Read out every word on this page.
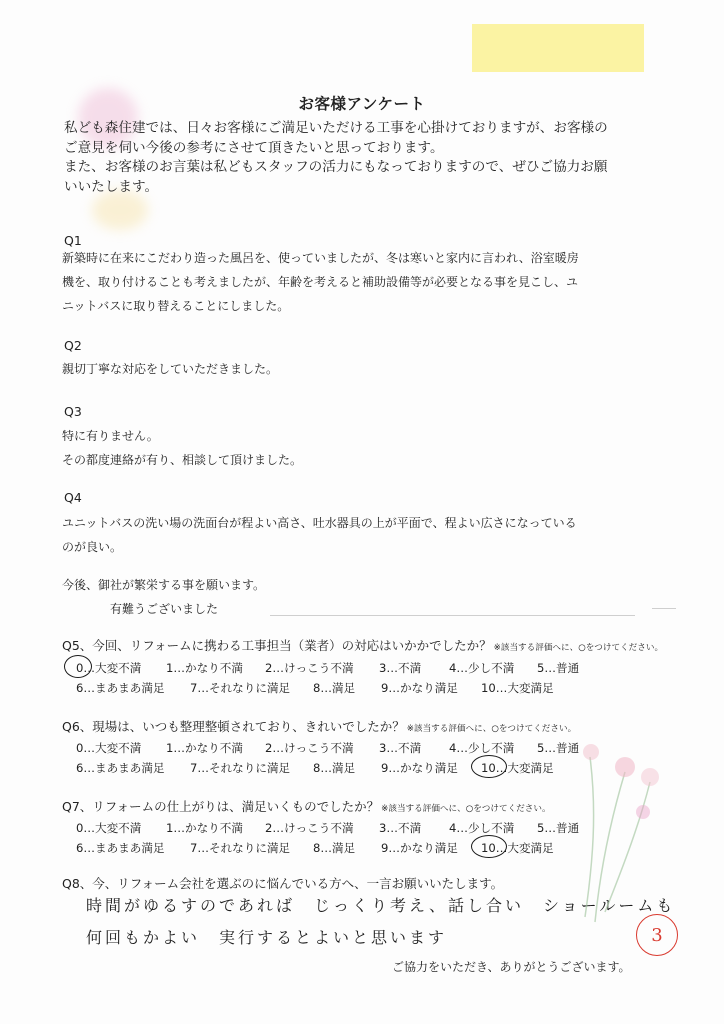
お客様アンケート

私ども森住建では、日々お客様にご満足いただける工事を心掛けておりますが、お客様の

ご意見を伺い今後の参考にさせて頂きたいと思っております。

また、お客様のお言葉は私どもスタッフの活力にもなっておりますので、ぜひご協力お願

いいたします。

Q1

新築時に在来にこだわり造った風呂を、使っていましたが、冬は寒いと家内に言われ、浴室暖房

機を、取り付けることも考えましたが、年齢を考えると補助設備等が必要となる事を見こし、ユ

ニットバスに取り替えることにしました。

Q2

親切丁寧な対応をしていただきました。

Q3

特に有りません。

その都度連絡が有り、相談して頂けました。

Q4

ユニットバスの洗い場の洗面台が程よい高さ、吐水器具の上が平面で、程よい広さになっている

のが良い。

今後、御社が繁栄する事を願います。

　　　　有難うございました

Q5、今回、リフォームに携わる工事担当（業者）の対応はいかかでしたか？ ※該当する評価へに、○をつけてください。
0…大変不満 1…かなり不満 2…けっこう不満 3…不満 4…少し不満 5…普通
6…まあまあ満足 7…それなりに満足 8…満足 9…かなり満足 10…大変満足
Q6、現場は、いつも整理整頓されており、きれいでしたか？ ※該当する評価へに、○をつけてください。
0…大変不満 1…かなり不満 2…けっこう不満 3…不満 4…少し不満 5…普通
6…まあまあ満足 7…それなりに満足 8…満足 9…かなり満足 10…大変満足
Q7、リフォームの仕上がりは、満足いくものでしたか？ ※該当する評価へに、○をつけてください。
0…大変不満 1…かなり不満 2…けっこう不満 3…不満 4…少し不満 5…普通
6…まあまあ満足 7…それなりに満足 8…満足 9…かなり満足 10…大変満足
Q8、今、リフォーム会社を選ぶのに悩んでいる方へ、一言お願いいたします。
時間がゆるすのであれば　じっくり考え、話し合い　ショールームも
何回もかよい　実行するとよいと思います
ご協力をいただき、ありがとうございます。
3
